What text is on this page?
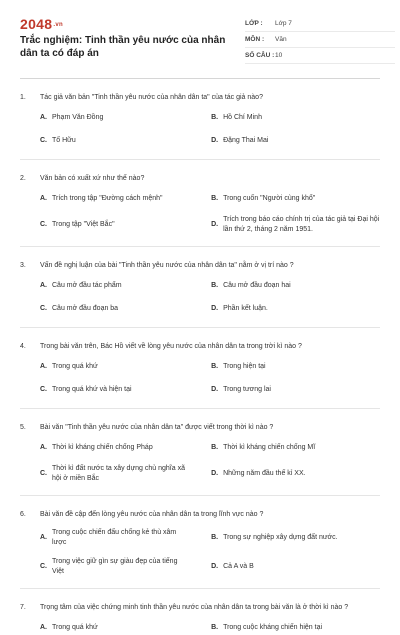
2048.vn
Trắc nghiệm: Tinh thần yêu nước của nhân dân ta có đáp án
LỚP :	Lớp 7
MÔN :	Văn
SỐ CÂU : 10
1.	Tác giả văn bản "Tinh thần yêu nước của nhân dân ta" của tác giả nào?
A. Phạm Văn Đồng	B. Hồ Chí Minh
C. Tố Hữu	D. Đặng Thai Mai
2.	Văn bản có xuất xứ như thế nào?
A. Trích trong tập "Đường cách mệnh"	B. Trong cuốn "Người cùng khổ"
C. Trong tập "Việt Bắc"	D.
Trích trong báo cáo chính trị của tác giả tại Đại hội lần thứ 2, tháng 2 năm 1951.
3.	Vấn đề nghị luận của bài "Tinh thần yêu nước của nhân dân ta" nằm ở vị trí nào ?
A. Câu mở đầu tác phẩm	B. Câu mở đầu đoạn hai
C. Câu mở đầu đoạn ba	D. Phần kết luận.
4.	Trong bài văn trên, Bác Hồ viết về lòng yêu nước của nhân dân ta trong trời kì nào ?
A. Trong quá khứ	B. Trong hiện tại
C. Trong quá khứ và hiện tại	D. Trong tương lai
5.	Bài văn "Tinh thần yêu nước của nhân dân ta" được viết trong thời kì nào ?
A. Thời kì kháng chiến chống Pháp	B. Thời kì kháng chiến chống Mĩ
C.
Thời kì đất nước ta xây dựng chủ nghĩa xã hội ở miền Bắc
D. Những năm đầu thế kỉ XX.
6.	Bài văn đề cập đến lòng yêu nước của nhân dân ta trong lĩnh vực nào ?
A.
Trong cuộc chiến đấu chống kẻ thù xâm lược
B. Trong sự nghiệp xây dựng đất nước.
C.
Trong việc giữ gìn sự giàu đẹp của tiếng Việt
D. Cả A và B
7.	Trọng tâm của việc chứng minh tinh thần yêu nước của nhân dân ta trong bài văn là ở thời kì nào ?
A. Trong quá khứ	B. Trong cuộc kháng chiến hiện tại
